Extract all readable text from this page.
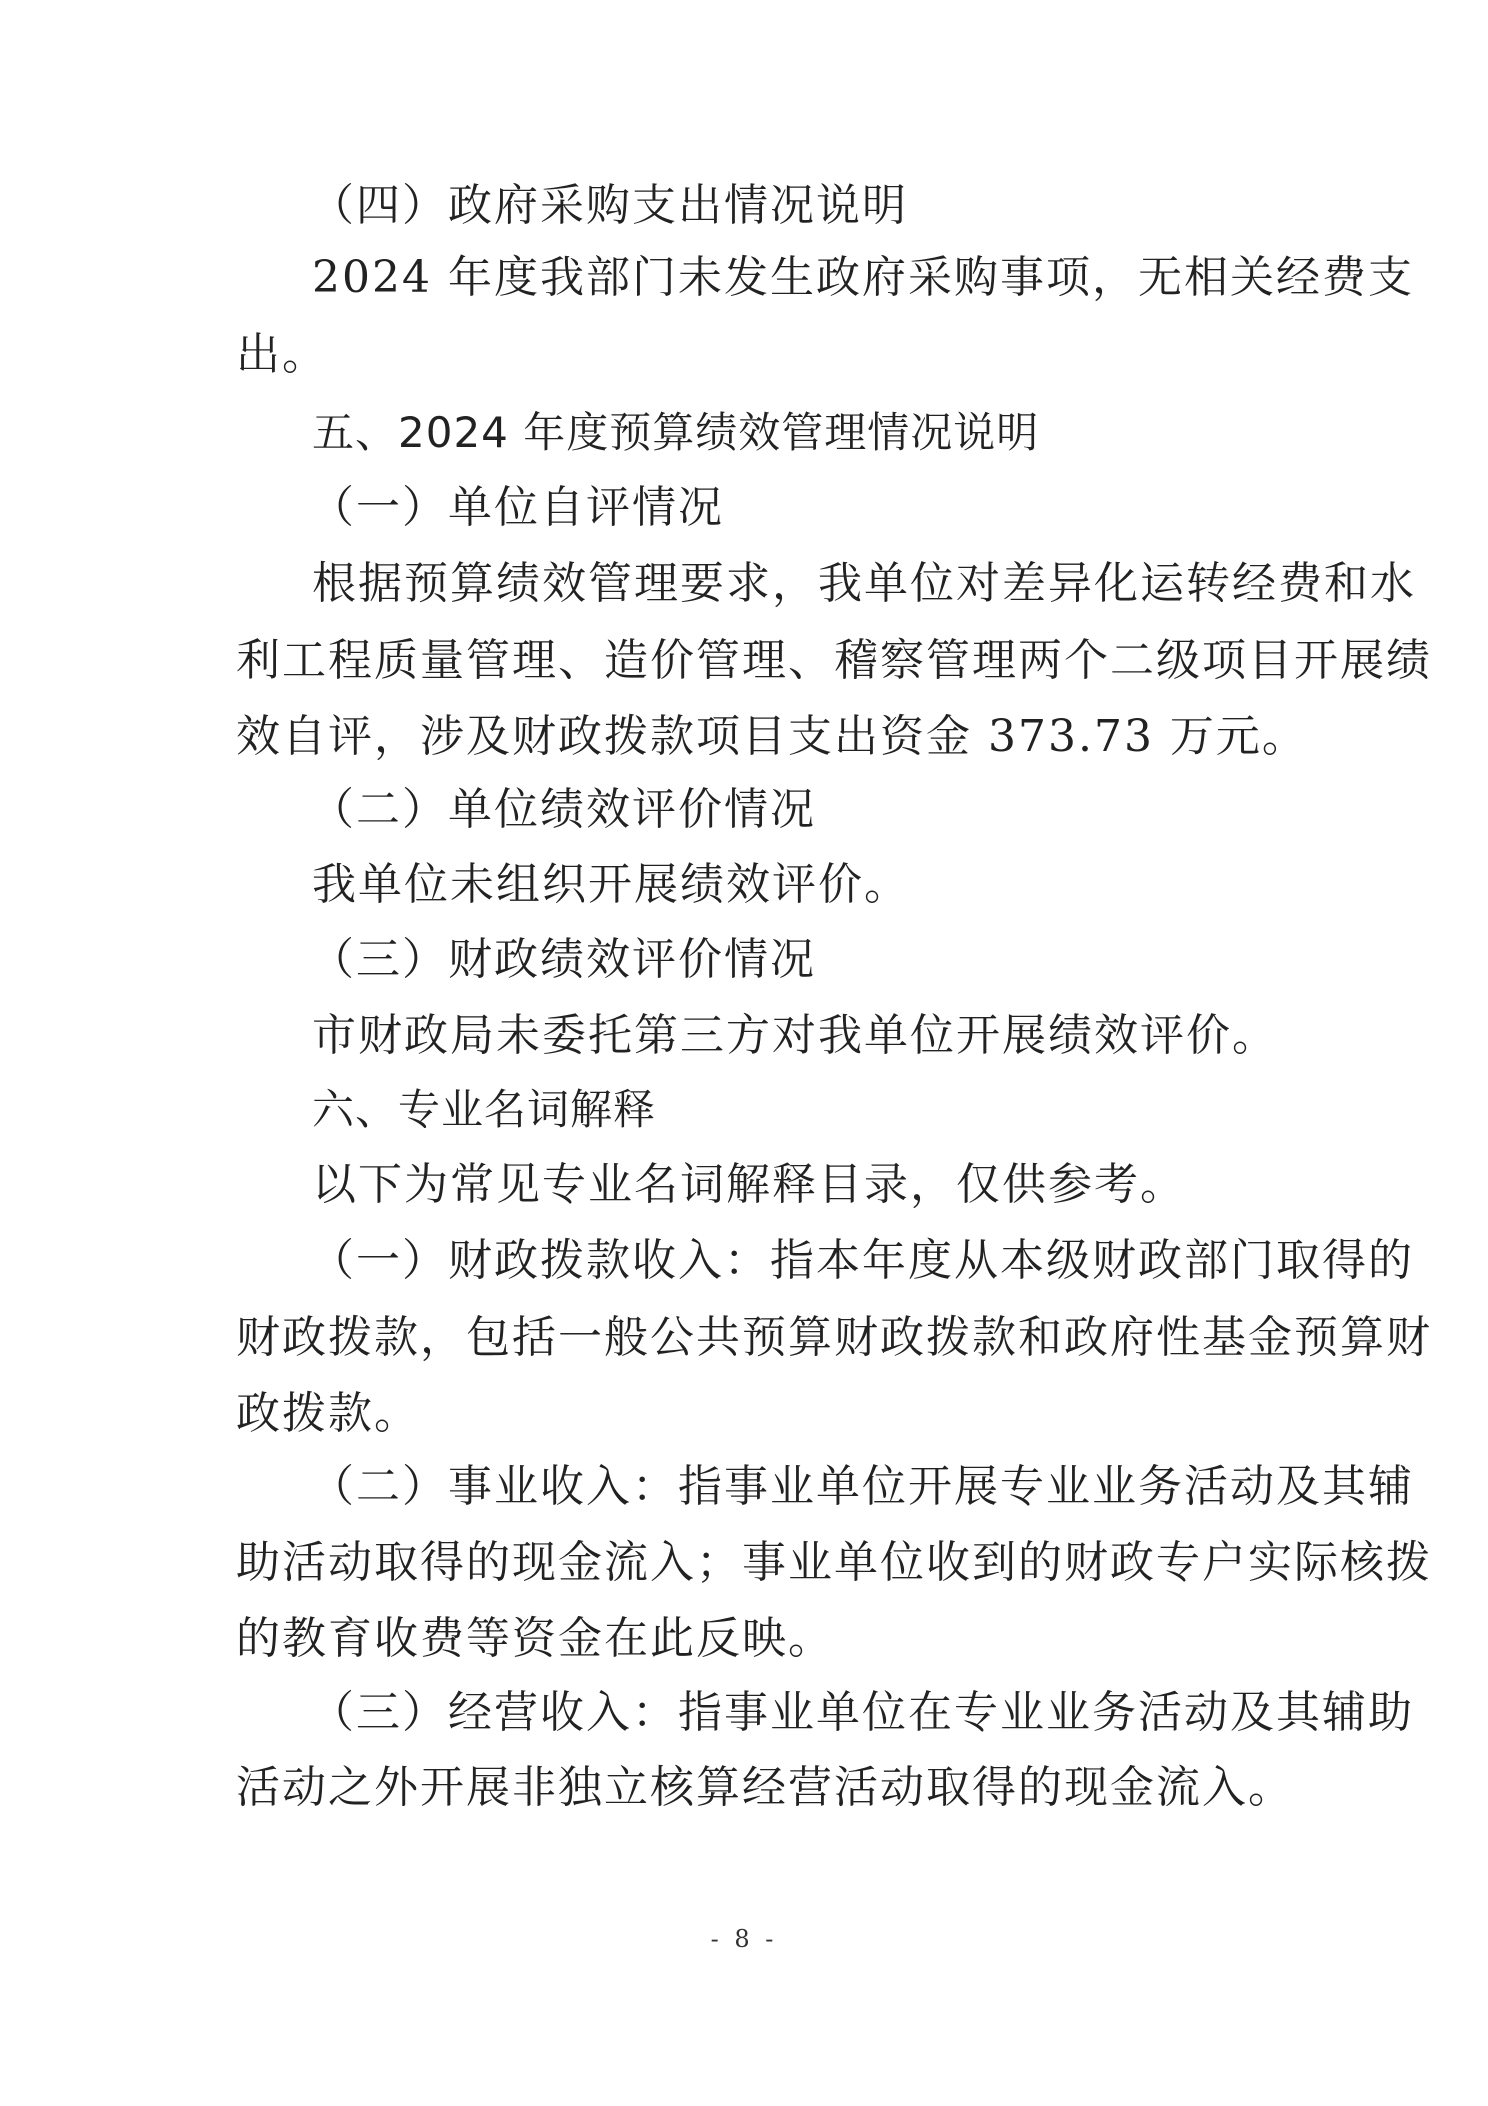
（四）政府采购支出情况说明
2024 年度我部门未发生政府采购事项，无相关经费支
出。
五、2024 年度预算绩效管理情况说明
（一）单位自评情况
根据预算绩效管理要求，我单位对差异化运转经费和水
利工程质量管理、造价管理、稽察管理两个二级项目开展绩
效自评，涉及财政拨款项目支出资金 373.73 万元。
（二）单位绩效评价情况
我单位未组织开展绩效评价。
（三）财政绩效评价情况
市财政局未委托第三方对我单位开展绩效评价。
六、专业名词解释
以下为常见专业名词解释目录，仅供参考。
（一）财政拨款收入：指本年度从本级财政部门取得的
财政拨款，包括一般公共预算财政拨款和政府性基金预算财
政拨款。
（二）事业收入：指事业单位开展专业业务活动及其辅
助活动取得的现金流入；事业单位收到的财政专户实际核拨
的教育收费等资金在此反映。
（三）经营收入：指事业单位在专业业务活动及其辅助
活动之外开展非独立核算经营活动取得的现金流入。
- 8 -
